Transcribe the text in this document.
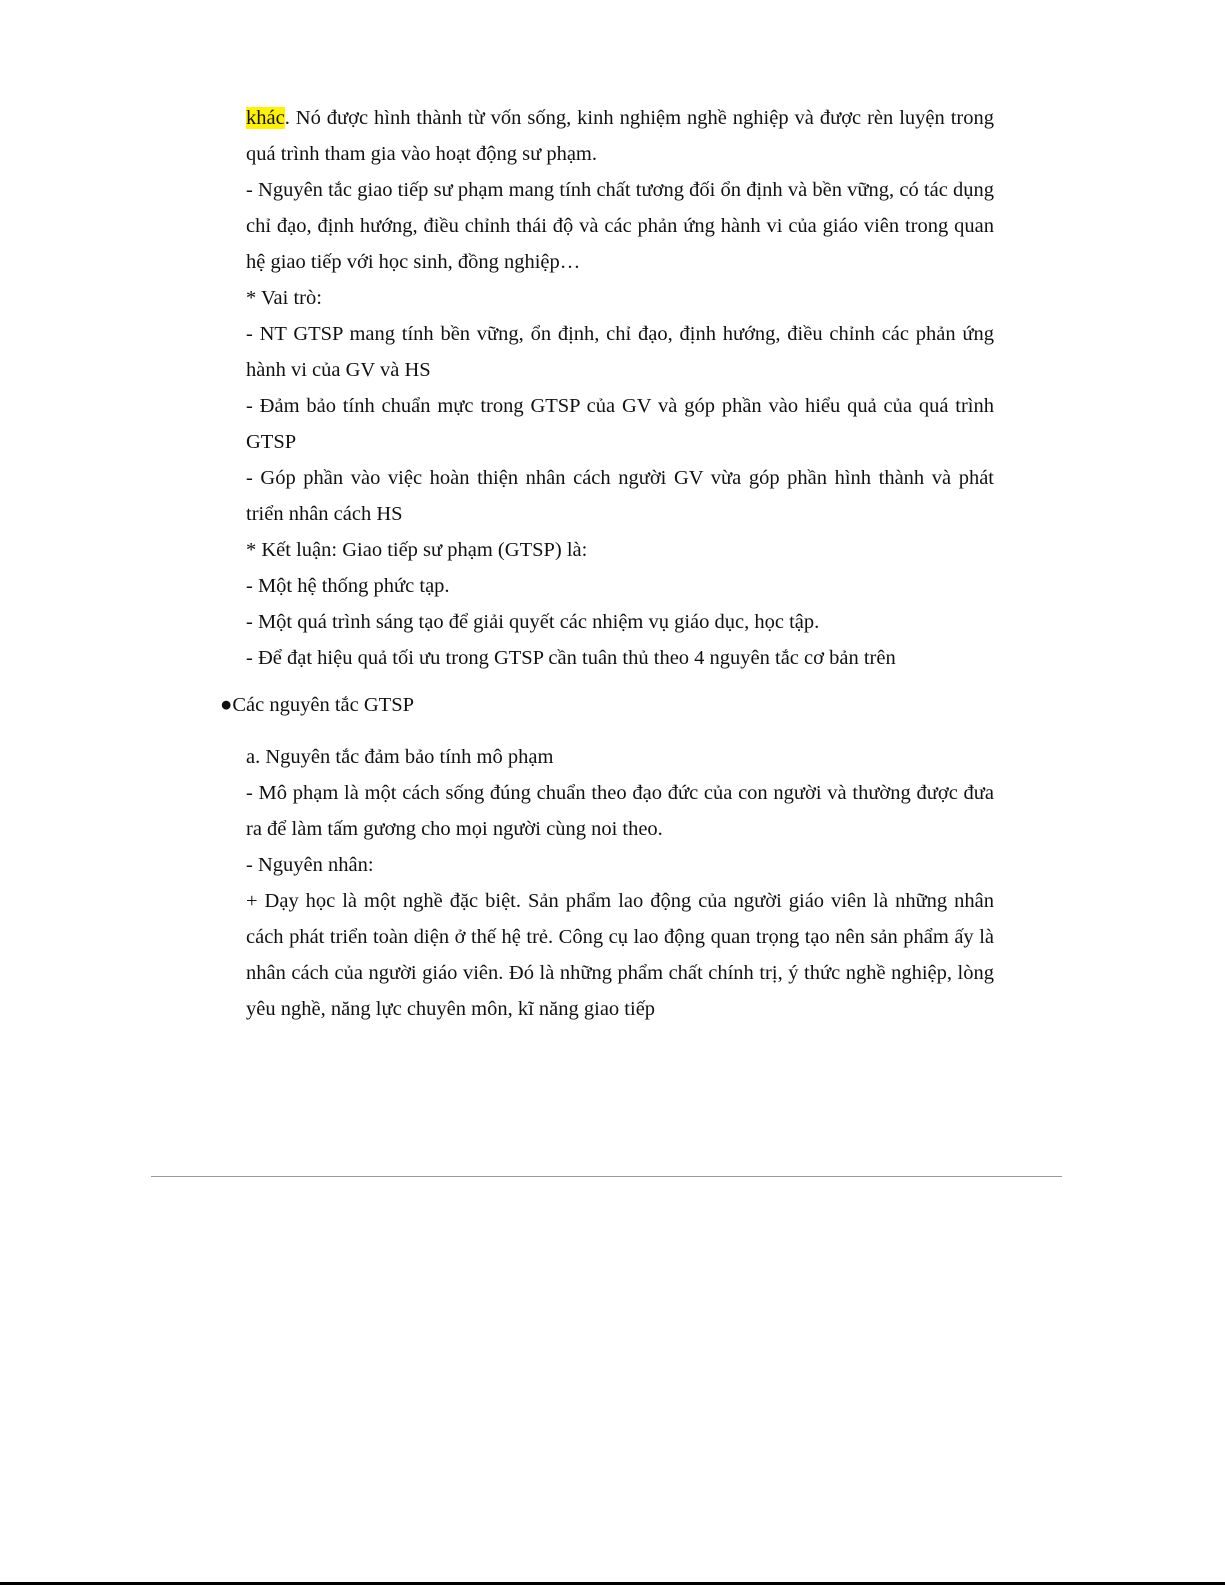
khác. Nó được hình thành từ vốn sống, kinh nghiệm nghề nghiệp và được rèn luyện trong quá trình tham gia vào hoạt động sư phạm.

- Nguyên tắc giao tiếp sư phạm mang tính chất tương đối ổn định và bền vững, có tác dụng chỉ đạo, định hướng, điều chỉnh thái độ và các phản ứng hành vi của giáo viên trong quan hệ giao tiếp với học sinh, đồng nghiệp…

* Vai trò:

- NT GTSP mang tính bền vững, ổn định, chỉ đạo, định hướng, điều chỉnh các phản ứng hành vi của GV và HS

- Đảm bảo tính chuẩn mực trong GTSP của GV và góp phần vào hiểu quả của quá trình GTSP

- Góp phần vào việc hoàn thiện nhân cách người GV vừa góp phần hình thành và phát triển nhân cách HS

* Kết luận: Giao tiếp sư phạm (GTSP) là:

- Một hệ thống phức tạp.

- Một quá trình sáng tạo để giải quyết các nhiệm vụ giáo dục, học tập.

- Để đạt hiệu quả tối ưu trong GTSP cần tuân thủ theo 4 nguyên tắc cơ bản trên

●Các nguyên tắc GTSP

a. Nguyên tắc đảm bảo tính mô phạm

- Mô phạm là một cách sống đúng chuẩn theo đạo đức của con người và thường được đưa ra để làm tấm gương cho mọi người cùng noi theo.

- Nguyên nhân:

+ Dạy học là một nghề đặc biệt. Sản phẩm lao động của người giáo viên là những nhân cách phát triển toàn diện ở thế hệ trẻ. Công cụ lao động quan trọng tạo nên sản phẩm ấy là nhân cách của người giáo viên. Đó là những phẩm chất chính trị, ý thức nghề nghiệp, lòng yêu nghề, năng lực chuyên môn, kĩ năng giao tiếp
